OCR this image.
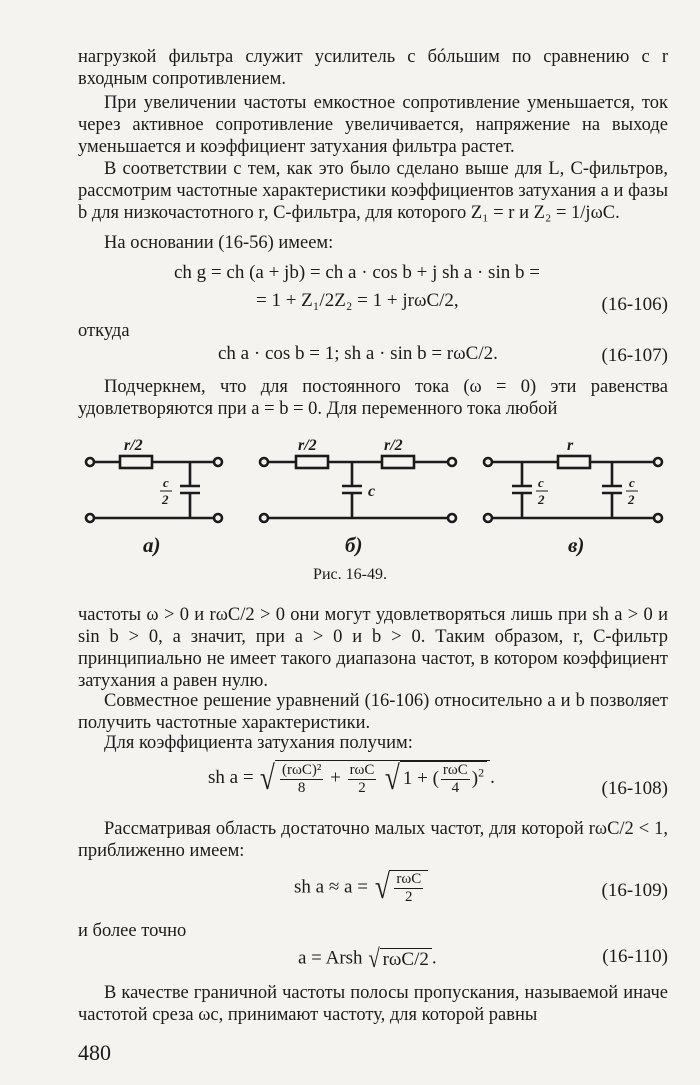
нагрузкой фильтра служит усилитель с бóльшим по сравнению с r входным сопротивлением.
При увеличении частоты емкостное сопротивление уменьшается, ток через активное сопротивление увеличивается, напряжение на выходе уменьшается и коэффициент затухания фильтра растет.
В соответствии с тем, как это было сделано выше для L, C-фильтров, рассмотрим частотные характеристики коэффициентов затухания a и фазы b для низкочастотного r, C-фильтра, для которого Z₁ = r и Z₂ = 1/jωC.
На основании (16-56) имеем:
ch g = ch (a + jb) = ch a · cos b + j sh a · sin b =
= 1 + Z₁/2Z₂ = 1 + jrωC/2,	(16-106)
откуда
ch a · cos b = 1; sh a · sin b = rωC/2.	(16-107)
Подчеркнем, что для постоянного тока (ω = 0) эти равенства удовлетворяются при a = b = 0. Для переменного тока любой
r/2
c
2
r/2	r/2
c
r
c
2
c
2
а)	б)	в)
Рис. 16-49.
частоты ω > 0 и rωC/2 > 0 они могут удовлетворяться лишь при sh a > 0 и sin b > 0, а значит, при a > 0 и b > 0. Таким образом, r, C-фильтр принципиально не имеет такого диапазона частот, в котором коэффициент затухания a равен нулю.
Совместное решение уравнений (16-106) относительно a и b позволяет получить частотные характеристики.
Для коэффициента затухания получим:
sh a = √ $\frac{\text{(rωC)²}}{8} + \frac{\text{rωC}}{2}$ √ 1 + ( $\frac{\text{rωC}}{4} )^2$ .
(16-108)
Рассматривая область достаточно малых частот, для которой rωC/2 < 1, приближенно имеем:
sh a ≈ a = √ $\frac{\text{rωC}}{2}$	(16-109)
и более точно
a = Arsh √ rωC/2 .	(16-110)
В качестве граничной частоты полосы пропускания, называемой иначе частотой среза ωс, принимают частоту, для которой равны
480
